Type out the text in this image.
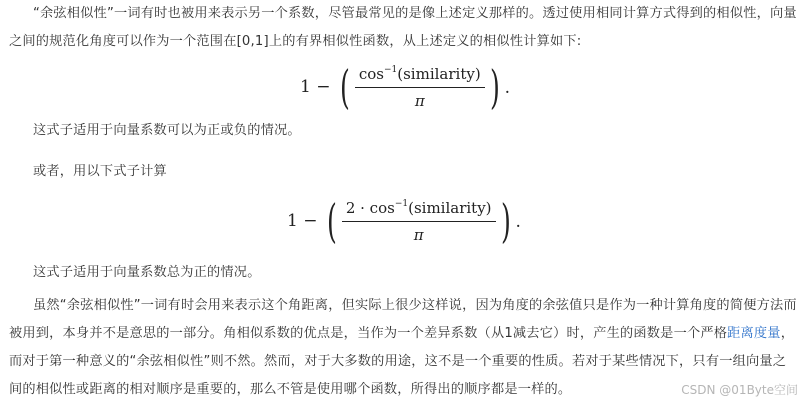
“余弦相似性”一词有时也被用来表示另一个系数，尽管最常见的是像上述定义那样的。透过使用相同计算方式得到的相似性，向量之间的规范化角度可以作为一个范围在[0,1]上的有界相似性函数，从上述定义的相似性计算如下:

1 − ( $\frac{\cos^{-1}(similarity)}{\pi}$ ) .

这式子适用于向量系数可以为正或负的情况。

或者，用以下式子计算

1 − ( $\frac{2 \cdot \cos^{-1}(similarity)}{\pi}$ ) .

这式子适用于向量系数总为正的情况。

虽然“余弦相似性”一词有时会用来表示这个角距离，但实际上很少这样说，因为角度的余弦值只是作为一种计算角度的简便方法而被用到，本身并不是意思的一部分。角相似系数的优点是，当作为一个差异系数（从1减去它）时，产生的函数是一个严格距离度量，而对于第一种意义的“余弦相似性”则不然。然而，对于大多数的用途，这不是一个重要的性质。若对于某些情况下，只有一组向量之间的相似性或距离的相对顺序是重要的，那么不管是使用哪个函数，所得出的顺序都是一样的。	CSDN @01Byte空间
